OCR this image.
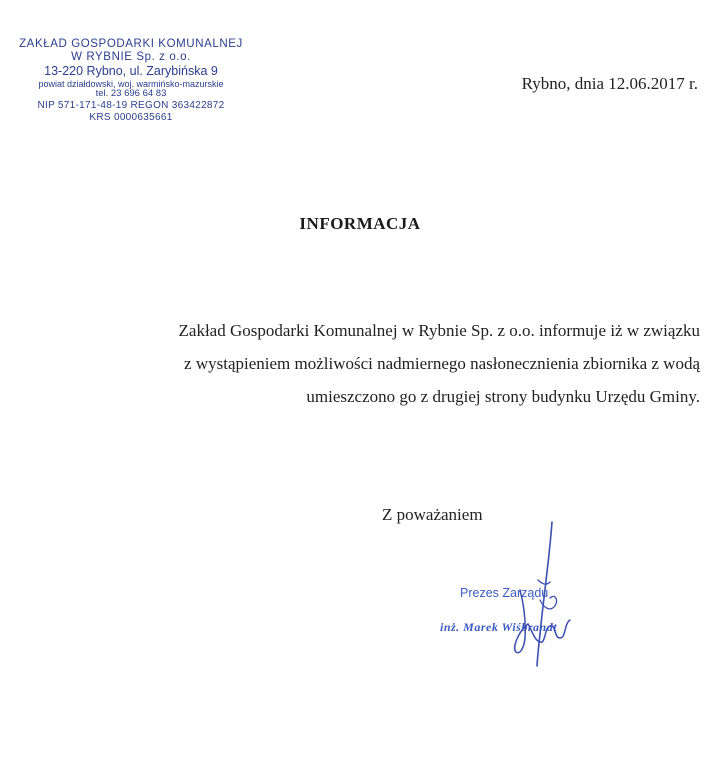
ZAKŁAD GOSPODARKI KOMUNALNEJ
W RYBNIE Sp. z o.o.
13-220 Rybno, ul. Zarybińska 9
powiat działdowski, woj. warmińsko-mazurskie
tel. 23 696 64 83
NIP 571-171-48-19 REGON 363422872
KRS 0000635661
Rybno, dnia 12.06.2017 r.
INFORMACJA
Zakład Gospodarki Komunalnej w Rybnie Sp. z o.o. informuje iż w związku
z wystąpieniem możliwości nadmiernego nasłonecznienia zbiornika z wodą
umieszczono go z drugiej strony budynku Urzędu Gminy.
Z poważaniem
Prezes Zarządu
inż. Marek Wiśbrandt
